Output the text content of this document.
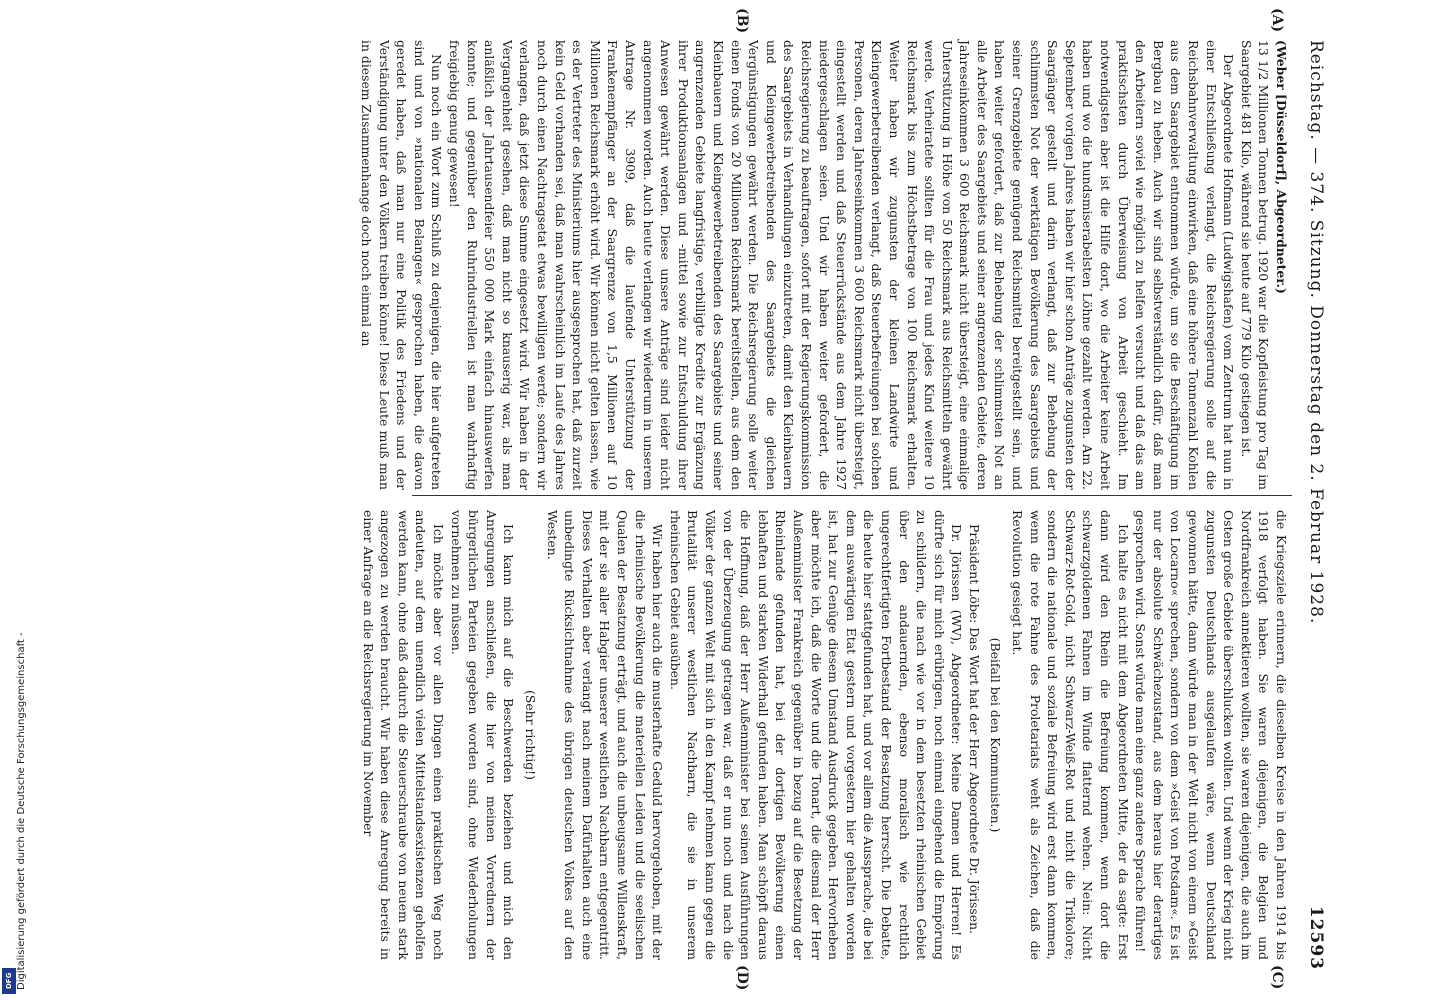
Reichstag. — 374. Sitzung. Donnerstag den 2. Februar 1928.
12593
(A)
(B)
(C)
(D)

(Weber [Düsseldorf], Abgeordneter.)

13 1/2 Millionen Tonnen betrug. 1920 war die Kopfleistung pro Tag im Saargebiet 481 Kilo, während sie heute auf 779 Kilo gestiegen ist.

Der Abgeordnete Hofmann (Ludwigshafen) vom Zentrum hat nun in einer Entschließung verlangt, die Reichsregierung solle auf die Reichsbahnverwaltung einwirken, daß eine höhere Tonnenzahl Kohlen aus dem Saargebiet entnommen würde, um so die Beschäftigung im Bergbau zu heben. Auch wir sind selbstverständlich dafür, daß man den Arbeitern soviel wie möglich zu helfen versucht und daß das am praktischsten durch Überweisung von Arbeit geschieht. Im notwendigsten aber ist die Hilfe dort, wo die Arbeiter keine Arbeit haben und wo die hundsmiserabelsten Löhne gezahlt werden. Am 22. September vorigen Jahres haben wir hier schon Anträge zugunsten der Saargänger gestellt und darin verlangt, daß zur Behebung der schlimmsten Not der werktätigen Bevölkerung des Saargebiets und seiner Grenzgebiete genügend Reichsmittel bereitgestellt sein, und haben weiter gefordert, daß zur Behebung der schlimmsten Not an alle Arbeiter des Saargebiets und seiner angrenzenden Gebiete, deren Jahreseinkommen 3 600 Reichsmark nicht übersteigt, eine einmalige Unterstützung in Höhe von 50 Reichsmark aus Reichsmitteln gewährt werde. Verheiratete sollten für die Frau und jedes Kind weitere 10 Reichsmark bis zum Höchstbetrage von 100 Reichsmark erhalten. Weiter haben wir zugunsten der kleinen Landwirte und Kleingewerbetreibenden verlangt, daß Steuerbefreiungen bei solchen Personen, deren Jahreseinkommen 3 600 Reichsmark nicht übersteigt, eingestellt werden und daß Steuerrückstände aus dem Jahre 1927 niedergeschlagen seien. Und wir haben weiter gefordert, die Reichsregierung zu beauftragen, sofort mit der Regierungskommission des Saargebiets in Verhandlungen einzutreten, damit den Kleinbauern und Kleingewerbetreibenden des Saargebiets die gleichen Vergünstigungen gewährt werden. Die Reichsregierung solle weiter einen Fonds von 20 Millionen Reichsmark bereitstellen, aus dem den Kleinbauern und Kleingewerbetreibenden des Saargebiets und seiner angrenzenden Gebiete langfristige, verbilligte Kredite zur Ergänzung ihrer Produktionsanlagen und -mittel sowie zur Entschuldung ihrer Anwesen gewährt werden. Diese unsere Anträge sind leider nicht angenommen worden. Auch heute verlangen wir wiederum in unserem Antrage Nr. 3909, daß die laufende Unterstützung der Frankenempfänger an der Saargrenze von 1,5 Millionen auf 10 Millionen Reichsmark erhöht wird. Wir können nicht gelten lassen, wie es der Vertreter des Ministeriums hier ausgesprochen hat, daß zurzeit kein Geld vorhanden sei, daß man wahrscheinlich im Laufe des Jahres noch durch einen Nachtragsetat etwas bewilligen werde; sondern wir verlangen, daß jetzt diese Summe eingesetzt wird. Wir haben in der Vergangenheit gesehen, daß man nicht so knauserig war, als man anläßlich der Jahrtausendfeier 550 000 Mark einfach hinauswerfen konnte; und gegenüber den Ruhrindustriellen ist man wahrhaftig freigiebig genug gewesen!

Nun noch ein Wort zum Schluß zu denjenigen, die hier aufgetreten sind und von »nationalen Belangen« gesprochen haben, die davon geredet haben, daß man nur eine Politik des Friedens und der Verständigung unter den Völkern treiben könne! Diese Leute muß man in diesem Zusammenhange doch noch einmal an

die Kriegsziele erinnern, die dieselben Kreise in den Jahren 1914 bis 1918 verfolgt haben. Sie waren diejenigen, die Belgien und Nordfrankreich annektieren wollten, sie waren diejenigen, die auch im Osten große Gebiete überschlucken wollten. Und wenn der Krieg nicht zugunsten Deutschlands ausgelaufen wäre, wenn Deutschland gewonnen hätte, dann würde man in der Welt nicht von einem »Geist von Locarno« sprechen, sondern von dem »Geist von Potsdam«. Es ist nur der absolute Schwächezustand, aus dem heraus hier derartiges gesprochen wird. Sonst würde man eine ganz andere Sprache führen!

Ich halte es nicht mit dem Abgeordneten Mitte, der da sagte: Erst dann wird den Rhein die Befreiung kommen, wenn dort die schwarzgoldenen Fahnen im Winde flatternd wehen. Nein: Nicht Schwarz-Rot-Gold, nicht Schwarz-Weiß-Rot und nicht die Trikolore; sondern die nationale und soziale Befreiung wird erst dann kommen, wenn die rote Fahne des Proletariats weht als Zeichen, daß die Revolution gesiegt hat.

(Beifall bei den Kommunisten.)

Präsident Löbe: Das Wort hat der Herr Abgeordnete Dr. Jörissen.

Dr. Jörissen (WV), Abgeordneter: Meine Damen und Herren! Es dürfte sich für mich erübrigen, noch einmal eingehend die Empörung zu schildern, die nach wie vor in dem besetzten rheinischen Gebiet über den andauernden, ebenso moralisch wie rechtlich ungerechtfertigten Fortbestand der Besatzung herrscht. Die Debatte, die heute hier stattgefunden hat, und vor allem die Aussprache, die bei dem auswärtigen Etat gestern und vorgestern hier gehalten worden ist, hat zur Genüge diesem Umstand Ausdruck gegeben. Hervorheben aber möchte ich, daß die Worte und die Tonart, die diesmal der Herr Außenminister Frankreich gegenüber in bezug auf die Besetzung der Rheinlande gefunden hat, bei der dortigen Bevölkerung einen lebhaften und starken Widerhall gefunden haben. Man schöpft daraus die Hoffnung, daß der Herr Außenminister bei seinen Ausführungen von der Überzeugung getragen war, daß er nun noch und nach die Völker der ganzen Welt mit sich in den Kampf nehmen kann gegen die Brutalität unserer westlichen Nachbarn, die sie in unserem rheinischen Gebiet ausüben.

Wir haben hier auch die musterhafte Geduld hervorgehoben, mit der die rheinische Bevölkerung die materiellen Leiden und die seelischen Qualen der Besatzung erträgt, und auch die unbeugsame Willenskraft, mit der sie aller Habgier unserer westlichen Nachbarn entgegentritt. Dieses Verhalten aber verlangt nach meinem Dafürhalten auch eine unbedingte Rücksichtnahme des übrigen deutschen Volkes auf den Westen.

(Sehr richtig!)

Ich kann mich auf die Beschwerden beziehen und mich den Anregungen anschließen, die hier von meinen Vorrednern der bürgerlichen Parteien gegeben worden sind, ohne Wiederholungen vornehmen zu müssen.

Ich möchte aber vor allen Dingen einen praktischen Weg noch andeuten, auf dem unendlich vielen Mittelstandsexistenzen geholfen werden kann, ohne daß dadurch die Steuerschraube von neuem stark angezogen zu werden braucht. Wir haben diese Anregung bereits in einer Anfrage an die Reichsregierung im November

Digitalisierung gefördert durch die Deutsche Forschungsgemeinschaft -
DFG
